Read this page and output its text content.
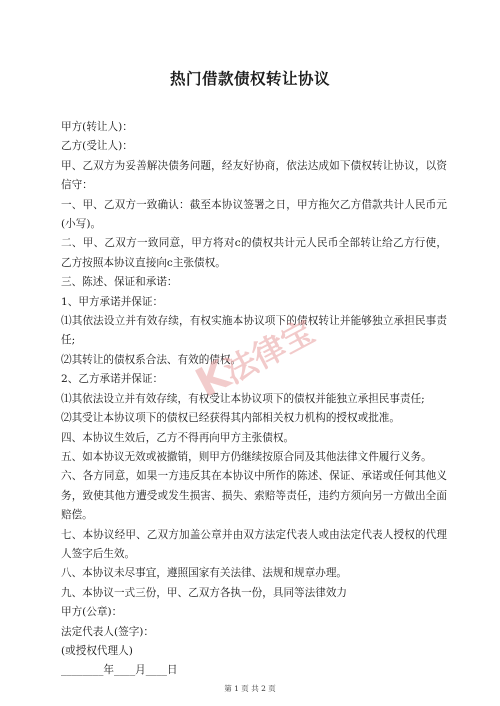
热门借款债权转让协议

甲方(转让人)：

乙方(受让人)：

甲、乙双方为妥善解决债务问题，经友好协商，依法达成如下债权转让协议，以资信守：

一、甲、乙双方一致确认：截至本协议签署之日，甲方拖欠乙方借款共计人民币元(小写)。

二、甲、乙双方一致同意，甲方将对c的债权共计元人民币全部转让给乙方行使，乙方按照本协议直接向c主张债权。

三、陈述、保证和承诺：

1、甲方承诺并保证：

⑴其依法设立并有效存续，有权实施本协议项下的债权转让并能够独立承担民事责任;

⑵其转让的债权系合法、有效的债权。

2、乙方承诺并保证：

⑴其依法设立并有效存续，有权受让本协议项下的债权并能独立承担民事责任;

⑵其受让本协议项下的债权已经获得其内部相关权力机构的授权或批准。

四、本协议生效后，乙方不得再向甲方主张债权。

五、如本协议无效或被撤销，则甲方仍继续按原合同及其他法律文件履行义务。

六、各方同意，如果一方违反其在本协议中所作的陈述、保证、承诺或任何其他义务，致使其他方遭受或发生损害、损失、索赔等责任，违约方须向另一方做出全面赔偿。

七、本协议经甲、乙双方加盖公章并由双方法定代表人或由法定代表人授权的代理人签字后生效。

八、本协议未尽事宜，遵照国家有关法律、法规和规章办理。

九、本协议一式三份，甲、乙双方各执一份，具同等法律效力

甲方(公章)：

法定代表人(签字)：

(或授权代理人)

________年____月____日

K
法律宝
第 1 页 共 2 页
